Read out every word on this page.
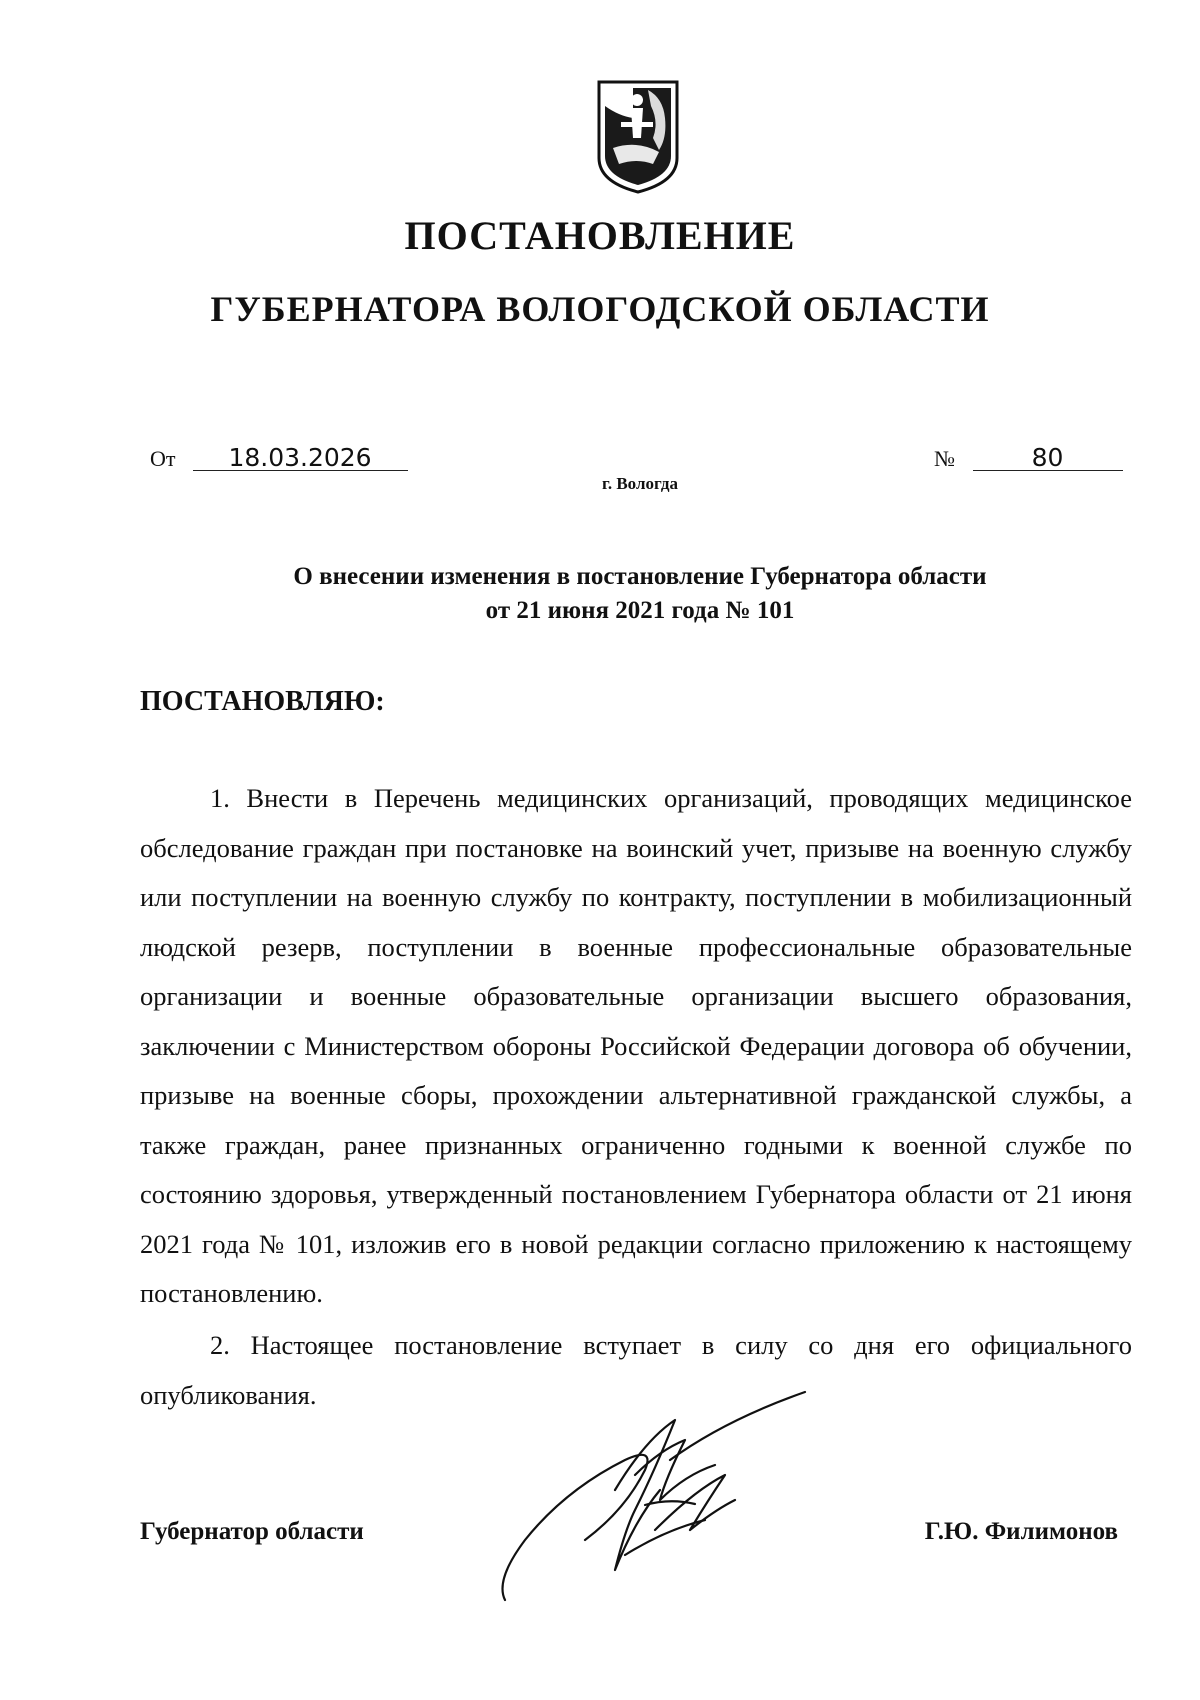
ПОСТАНОВЛЕНИЕ
ГУБЕРНАТОРА ВОЛОГОДСКОЙ ОБЛАСТИ
От 18.03.2026
г. Вологда
№	80
О внесении изменения в постановление Губернатора области
от 21 июня 2021 года № 101
ПОСТАНОВЛЯЮ:
1. Внести в Перечень медицинских организаций, проводящих медицинское обследование граждан при постановке на воинский учет, призыве на военную службу или поступлении на военную службу по контракту, поступлении в мобилизационный людской резерв, поступлении в военные профессиональные образовательные организации и военные образовательные организации высшего образования, заключении с Министерством обороны Российской Федерации договора об обучении, призыве на военные сборы, прохождении альтернативной гражданской службы, а также граждан, ранее признанных ограниченно годными к военной службе по состоянию здоровья, утвержденный постановлением Губернатора области от 21 июня 2021 года № 101, изложив его в новой редакции согласно приложению к настоящему постановлению.
2. Настоящее постановление вступает в силу со дня его официального опубликования.
Губернатор области	Г.Ю. Филимонов
